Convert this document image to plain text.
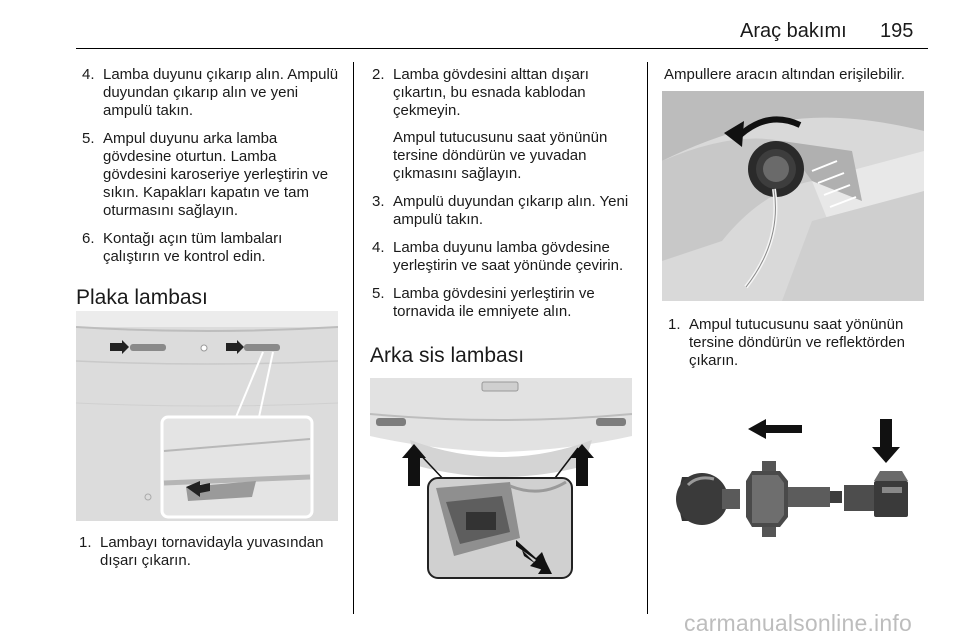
Araç bakımı 195
4. Lamba duyunu çıkarıp alın. Ampulü duyundan çıkarıp alın ve yeni ampulü takın.
5. Ampul duyunu arka lamba gövdesine oturtun. Lamba gövdesini karoseriye yerleştirin ve sıkın. Kapakları kapatın ve tam oturmasını sağlayın.
6. Kontağı açın tüm lambaları çalıştırın ve kontrol edin.
Plaka lambası
1. Lambayı tornavidayla yuvasından dışarı çıkarın.
2. Lamba gövdesini alttan dışarı çıkartın, bu esnada kablodan çekmeyin.

Ampul tutucusunu saat yönünün tersine döndürün ve yuvadan çıkmasını sağlayın.

3. Ampulü duyundan çıkarıp alın. Yeni ampulü takın.
4. Lamba duyunu lamba gövdesine yerleştirin ve saat yönünde çevirin.
5. Lamba gövdesini yerleştirin ve tornavida ile emniyete alın.
Arka sis lambası

Ampullere aracın altından erişilebilir.

1. Ampul tutucusunu saat yönünün tersine döndürün ve reflektörden çıkarın.
carmanualsonline.info
